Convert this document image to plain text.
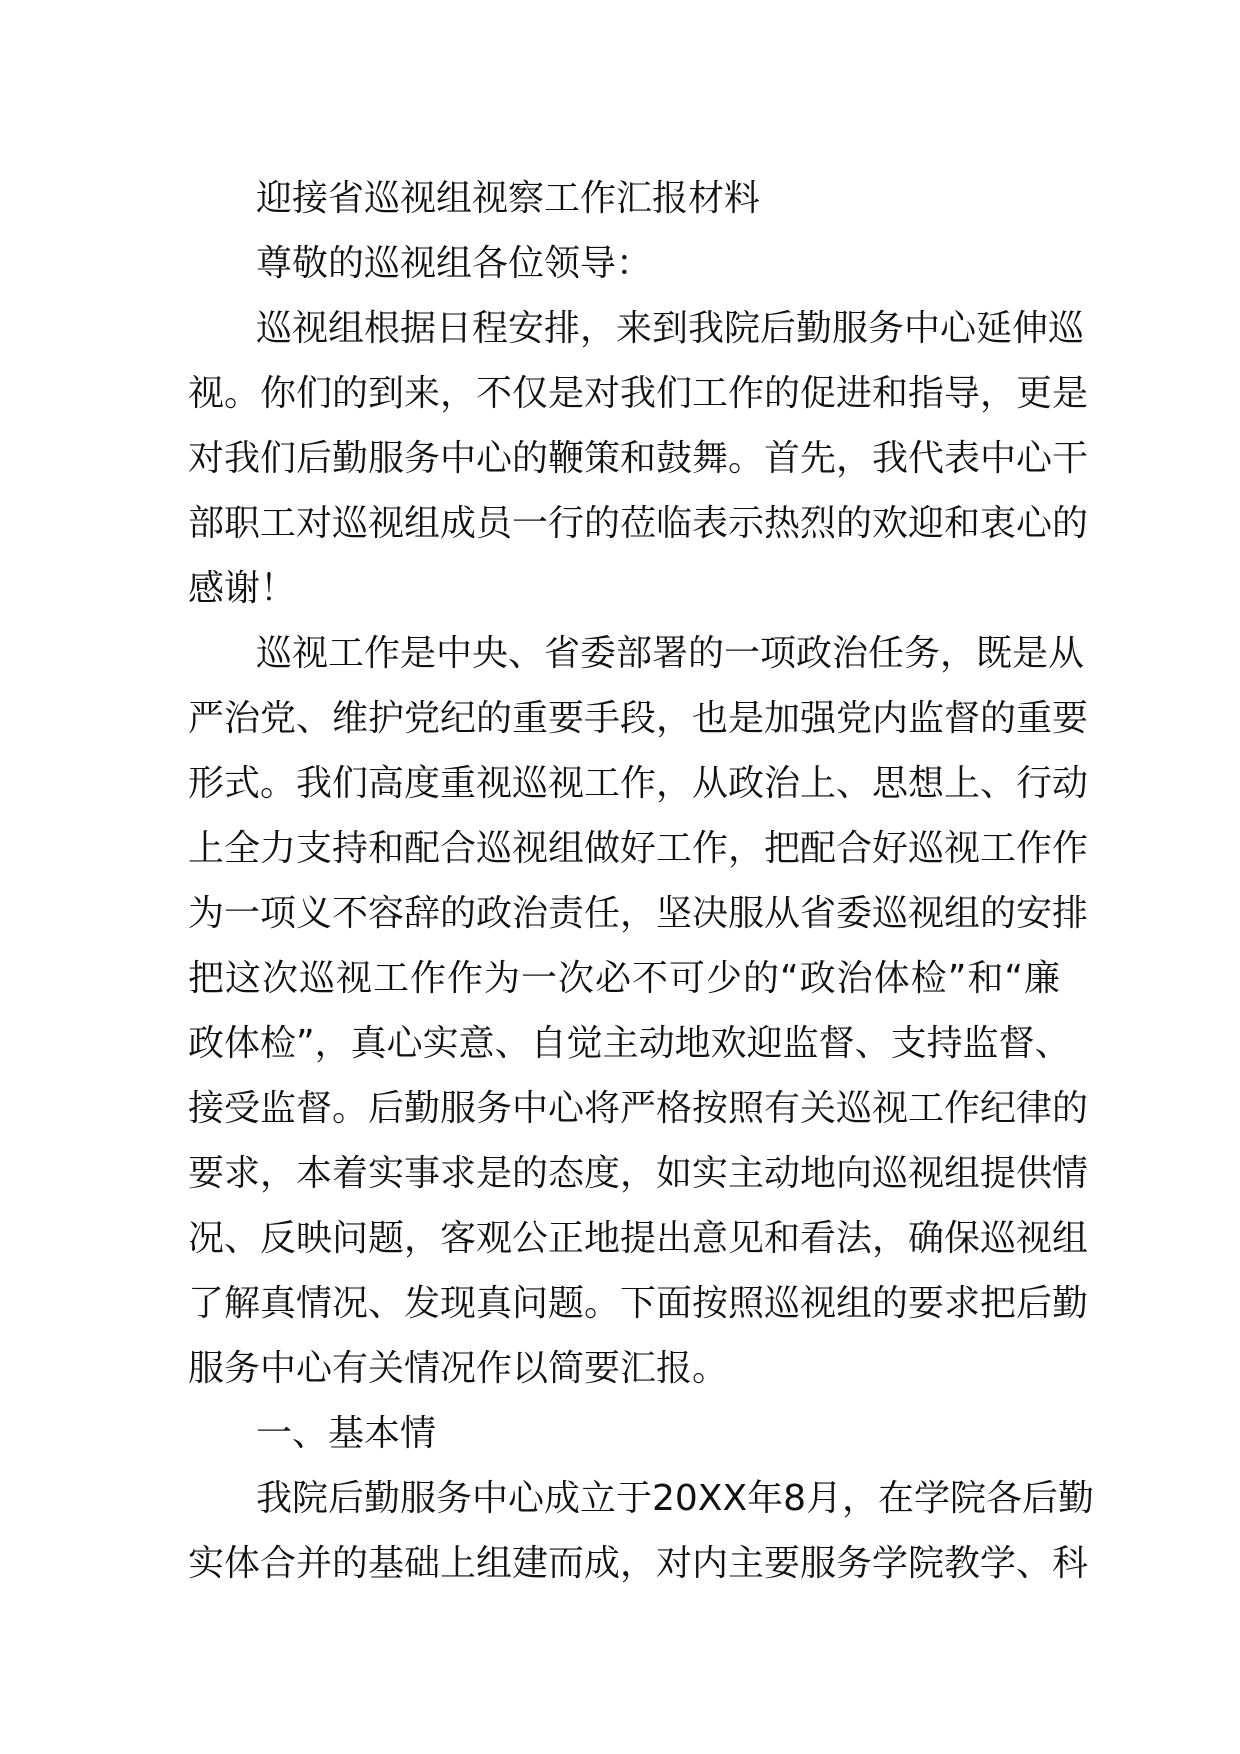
迎接省巡视组视察工作汇报材料
尊敬的巡视组各位领导：
巡视组根据日程安排，来到我院后勤服务中心延伸巡
视。你们的到来，不仅是对我们工作的促进和指导，更是
对我们后勤服务中心的鞭策和鼓舞。首先，我代表中心干
部职工对巡视组成员一行的莅临表示热烈的欢迎和衷心的
感谢！
巡视工作是中央、省委部署的一项政治任务，既是从
严治党、维护党纪的重要手段，也是加强党内监督的重要
形式。我们高度重视巡视工作，从政治上、思想上、行动
上全力支持和配合巡视组做好工作，把配合好巡视工作作
为一项义不容辞的政治责任，坚决服从省委巡视组的安排
把这次巡视工作作为一次必不可少的“政治体检”和“廉
政体检”，真心实意、自觉主动地欢迎监督、支持监督、
接受监督。后勤服务中心将严格按照有关巡视工作纪律的
要求，本着实事求是的态度，如实主动地向巡视组提供情
况、反映问题，客观公正地提出意见和看法，确保巡视组
了解真情况、发现真问题。下面按照巡视组的要求把后勤
服务中心有关情况作以简要汇报。
一、基本情
我院后勤服务中心成立于20XX年8月，在学院各后勤
实体合并的基础上组建而成，对内主要服务学院教学、科
